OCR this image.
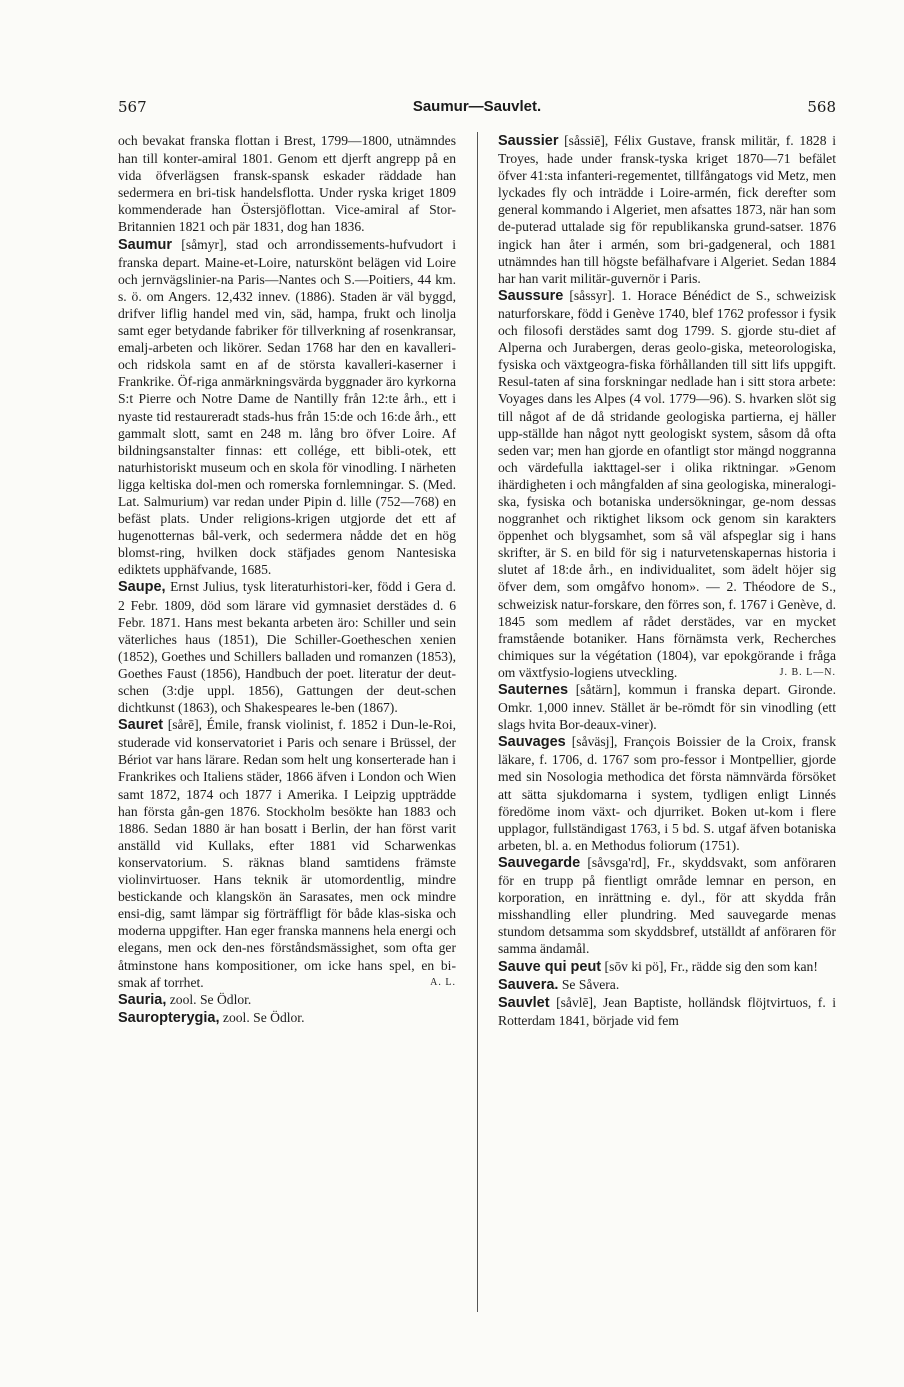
567	Saumur—Sauvlet.	568

och bevakat franska flottan i Brest, 1799—1800, utnämndes han till konter-amiral 1801. Genom ett djerft angrepp på en vida öfverlägsen fransk-spansk eskader räddade han sedermera en bri-tisk handelsflotta. Under ryska kriget 1809 kommenderade han Östersjöflottan. Vice-amiral af Stor-Britannien 1821 och pär 1831, dog han 1836.

Saumur [såmyr], stad och arrondissements-hufvudort i franska depart. Maine-et-Loire, naturskönt belägen vid Loire och jernvägslinier-na Paris—Nantes och S.—Poitiers, 44 km. s. ö. om Angers. 12,432 innev. (1886). Staden är väl byggd, drifver liflig handel med vin, säd, hampa, frukt och linolja samt eger betydande fabriker för tillverkning af rosenkransar, emalj-arbeten och likörer. Sedan 1768 har den en kavalleri- och ridskola samt en af de största kavalleri-kaserner i Frankrike. Öf-riga anmärkningsvärda byggnader äro kyrkorna S:t Pierre och Notre Dame de Nantilly från 12:te årh., ett i nyaste tid restaureradt stads-hus från 15:de och 16:de årh., ett gammalt slott, samt en 248 m. lång bro öfver Loire. Af bildningsanstalter finnas: ett collége, ett bibli-otek, ett naturhistoriskt museum och en skola för vinodling. I närheten ligga keltiska dol-men och romerska fornlemningar. S. (Med. Lat. Salmurium) var redan under Pipin d. lille (752—768) en befäst plats. Under religions-krigen utgjorde det ett af hugenotternas bål-verk, och sedermera nådde det en hög blomst-ring, hvilken dock stäfjades genom Nantesiska ediktets upphäfvande, 1685.

Saupe, Ernst Julius, tysk literaturhistori-ker, född i Gera d. 2 Febr. 1809, död som lärare vid gymnasiet derstädes d. 6 Febr. 1871. Hans mest bekanta arbeten äro: Schiller und sein väterliches haus (1851), Die Schiller-Goetheschen xenien (1852), Goethes und Schillers balladen und romanzen (1853), Goethes Faust (1856), Handbuch der poet. literatur der deut-schen (3:dje uppl. 1856), Gattungen der deut-schen dichtkunst (1863), och Shakespeares le-ben (1867).

Sauret [sårē], Émile, fransk violinist, f. 1852 i Dun-le-Roi, studerade vid konservatoriet i Paris och senare i Brüssel, der Bériot var hans lärare. Redan som helt ung konserterade han i Frankrikes och Italiens städer, 1866 äfven i London och Wien samt 1872, 1874 och 1877 i Amerika. I Leipzig uppträdde han första gån-gen 1876. Stockholm besökte han 1883 och 1886. Sedan 1880 är han bosatt i Berlin, der han först varit anställd vid Kullaks, efter 1881 vid Scharwenkas konservatorium. S. räknas bland samtidens främste violinvirtuoser. Hans teknik är utomordentlig, mindre bestickande och klangskön än Sarasates, men ock mindre ensi-dig, samt lämpar sig förträffligt för både klas-siska och moderna uppgifter. Han eger franska mannens hela energi och elegans, men ock den-nes förståndsmässighet, som ofta ger åtminstone hans kompositioner, om icke hans spel, en bi-smak af torrhet.	A. L.

Sauria, zool. Se Ödlor.

Sauropterygia, zool. Se Ödlor.

Saussier [såssiē], Félix Gustave, fransk militär, f. 1828 i Troyes, hade under fransk-tyska kriget 1870—71 befälet öfver 41:sta infanteri-regementet, tillfångatogs vid Metz, men lyckades fly och inträdde i Loire-armén, fick derefter som general kommando i Algeriet, men afsattes 1873, när han som de-puterad uttalade sig för republikanska grund-satser. 1876 ingick han åter i armén, som bri-gadgeneral, och 1881 utnämndes han till högste befälhafvare i Algeriet. Sedan 1884 har han varit militär-guvernör i Paris.

Saussure [såssyr]. 1. Horace Bénédict de S., schweizisk naturforskare, född i Genève 1740, blef 1762 professor i fysik och filosofi derstädes samt dog 1799. S. gjorde stu-diet af Alperna och Jurabergen, deras geolo-giska, meteorologiska, fysiska och växtgeogra-fiska förhållanden till sitt lifs uppgift. Resul-taten af sina forskningar nedlade han i sitt stora arbete: Voyages dans les Alpes (4 vol. 1779—96). S. hvarken slöt sig till något af de då stridande geologiska partierna, ej häller upp-ställde han något nytt geologiskt system, såsom då ofta seden var; men han gjorde en ofantligt stor mängd noggranna och värdefulla iakttagel-ser i olika riktningar. »Genom ihärdigheten i och mångfalden af sina geologiska, mineralogi-ska, fysiska och botaniska undersökningar, ge-nom dessas noggranhet och riktighet liksom ock genom sin karakters öppenhet och blygsamhet, som så väl afspeglar sig i hans skrifter, är S. en bild för sig i naturvetenskapernas historia i slutet af 18:de årh., en individualitet, som ädelt höjer sig öfver dem, som omgåfvo honom». — 2. Théodore de S., schweizisk natur-forskare, den förres son, f. 1767 i Genève, d. 1845 som medlem af rådet derstädes, var en mycket framstående botaniker. Hans förnämsta verk, Recherches chimiques sur la végétation (1804), var epokgörande i fråga om växtfysio-logiens utveckling.	J. B. L—N.

Sauternes [såtärn], kommun i franska depart. Gironde. Omkr. 1,000 innev. Stället är be-römdt för sin vinodling (ett slags hvita Bor-deaux-viner).

Sauvages [såväsj], François Boissier de la Croix, fransk läkare, f. 1706, d. 1767 som pro-fessor i Montpellier, gjorde med sin Nosologia methodica det första nämnvärda försöket att sätta sjukdomarna i system, tydligen enligt Linnés föredöme inom växt- och djurriket. Boken ut-kom i flere upplagor, fullständigast 1763, i 5 bd. S. utgaf äfven botaniska arbeten, bl. a. en Methodus foliorum (1751).

Sauvegarde [såvsga'rd], Fr., skyddsvakt, som anföraren för en trupp på fientligt område lemnar en person, en korporation, en inrättning e. dyl., för att skydda från misshandling eller plundring. Med sauvegarde menas stundom detsamma som skyddsbref, utställdt af anföraren för samma ändamål.

Sauve qui peut [sōv ki pö], Fr., rädde sig den som kan!

Sauvera. Se Såvera.

Sauvlet [såvlē], Jean Baptiste, holländsk flöjtvirtuos, f. i Rotterdam 1841, började vid fem
